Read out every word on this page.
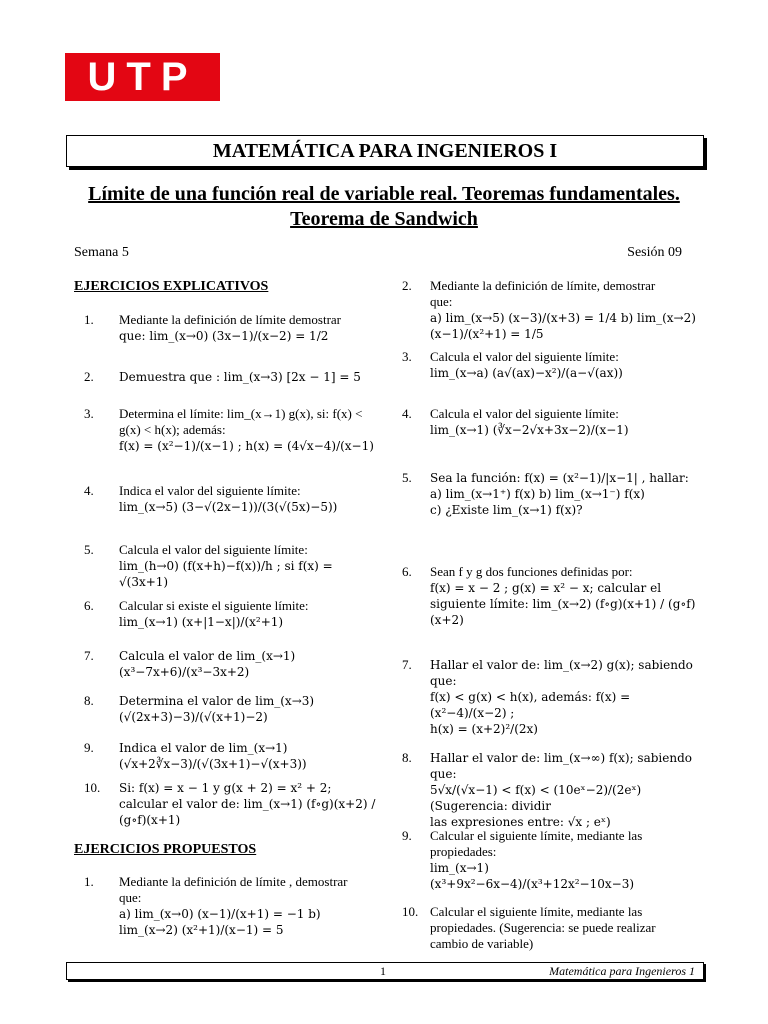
UTP
MATEMÁTICA PARA INGENIEROS I
Límite de una función real de variable real. Teoremas fundamentales. Teorema de Sandwich
Semana 5	Sesión 09
EJERCICIOS EXPLICATIVOS
1. Mediante la definición de límite demostrar
que: lim_(x→0) (3x−1)/(x−2) = 1/2
2. Demuestra que : lim_(x→3) [2x − 1] = 5
3. Determina el límite: lim_(x→1) g(x), si: f(x) < g(x) < h(x); además:
f(x) = (x²−1)/(x−1) ; h(x) = (4√x−4)/(x−1)
4. Indica el valor del siguiente límite:
lim_(x→5) (3−√(2x−1))/(3(√(5x)−5))
5. Calcula el valor del siguiente límite:
lim_(h→0) (f(x+h)−f(x))/h ; si f(x) = √(3x+1)
6. Calcular si existe el siguiente límite:
lim_(x→1) (x+|1−x|)/(x²+1)
7. Calcula el valor de lim_(x→1) (x³−7x+6)/(x³−3x+2)
8. Determina el valor de lim_(x→3) (√(2x+3)−3)/(√(x+1)−2)
9. Indica el valor de lim_(x→1) (√x+2∛x−3)/(√(3x+1)−√(x+3))
10. Si: f(x) = x − 1 y g(x + 2) = x² + 2;
calcular el valor de: lim_(x→1) (f∘g)(x+2) / (g∘f)(x+1)
EJERCICIOS PROPUESTOS
1. Mediante la definición de límite , demostrar
que:
a) lim_(x→0) (x−1)/(x+1) = −1 b) lim_(x→2) (x²+1)/(x−1) = 5
2. Mediante la definición de límite, demostrar
que:
a) lim_(x→5) (x−3)/(x+3) = 1/4 b) lim_(x→2) (x−1)/(x²+1) = 1/5
3. Calcula el valor del siguiente límite:
lim_(x→a) (a√(ax)−x²)/(a−√(ax))
4. Calcula el valor del siguiente límite:
lim_(x→1) (∛x−2√x+3x−2)/(x−1)
5. Sea la función: f(x) = (x²−1)/|x−1| , hallar:
a) lim_(x→1⁺) f(x) b) lim_(x→1⁻) f(x)
c) ¿Existe lim_(x→1) f(x)?
6. Sean f y g dos funciones definidas por:
f(x) = x − 2 ; g(x) = x² − x; calcular el
siguiente límite: lim_(x→2) (f∘g)(x+1) / (g∘f)(x+2)
7. Hallar el valor de: lim_(x→2) g(x); sabiendo que:
f(x) < g(x) < h(x), además: f(x) = (x²−4)/(x−2) ;
h(x) = (x+2)²/(2x)
8. Hallar el valor de: lim_(x→∞) f(x); sabiendo que:
5√x/(√x−1) < f(x) < (10eˣ−2)/(2eˣ) (Sugerencia: dividir
las expresiones entre: √x ; eˣ)
9. Calcular el siguiente límite, mediante las
propiedades:
lim_(x→1) (x³+9x²−6x−4)/(x³+12x²−10x−3)
10. Calcular el siguiente límite, mediante las
propiedades. (Sugerencia: se puede realizar
cambio de variable)
1	Matemática para Ingenieros 1
